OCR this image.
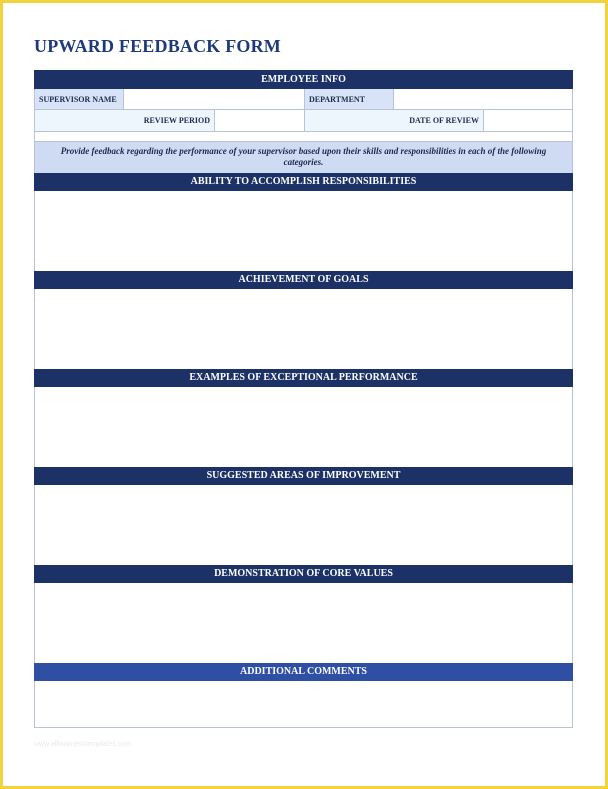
UPWARD FEEDBACK FORM
EMPLOYEE INFO
SUPERVISOR NAME	DEPARTMENT
REVIEW PERIOD	DATE OF REVIEW
Provide feedback regarding the performance of your supervisor based upon their skills and responsibilities in each of the following categories.
ABILITY TO ACCOMPLISH RESPONSIBILITIES
ACHIEVEMENT OF GOALS
EXAMPLES OF EXCEPTIONAL PERFORMANCE
SUGGESTED AREAS OF IMPROVEMENT
DEMONSTRATION OF CORE VALUES
ADDITIONAL COMMENTS
www.allbusinesstemplates.com
